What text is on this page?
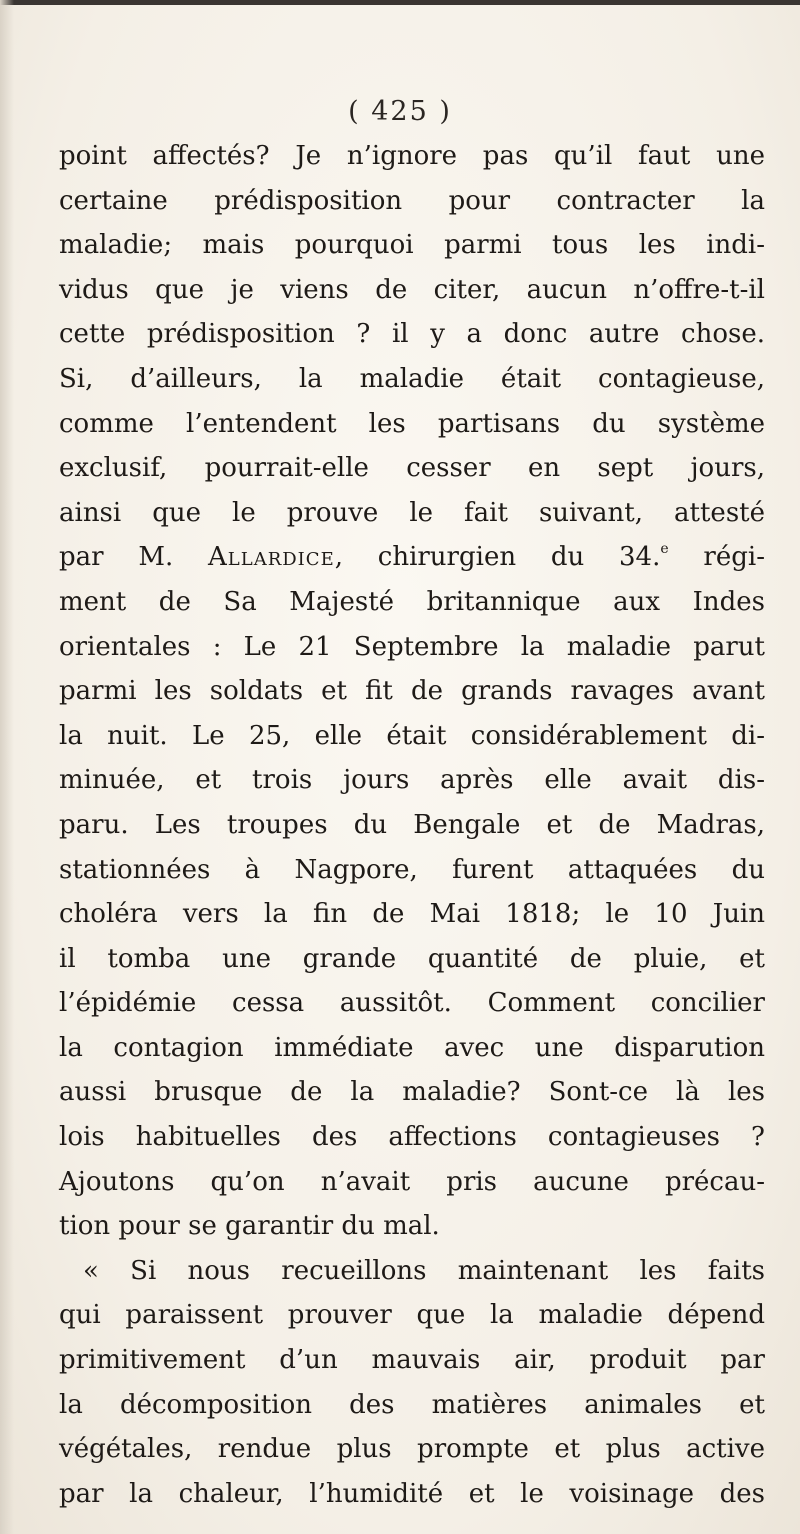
( 425 )
point affectés? Je n’ignore pas qu’il faut une
certaine prédisposition pour contracter la
maladie; mais pourquoi parmi tous les indi-
vidus que je viens de citer, aucun n’offre-t-il
cette prédisposition ? il y a donc autre chose.
Si, d’ailleurs, la maladie était contagieuse,
comme l’entendent les partisans du système
exclusif, pourrait-elle cesser en sept jours,
ainsi que le prouve le fait suivant, attesté
par M. Allardice, chirurgien du 34.$^e$ régi-
ment de Sa Majesté britannique aux Indes
orientales : Le 21 Septembre la maladie parut
parmi les soldats et fit de grands ravages avant
la nuit. Le 25, elle était considérablement di-
minuée, et trois jours après elle avait dis-
paru. Les troupes du Bengale et de Madras,
stationnées à Nagpore, furent attaquées du
choléra vers la fin de Mai 1818; le 10 Juin
il tomba une grande quantité de pluie, et
l’épidémie cessa aussitôt. Comment concilier
la contagion immédiate avec une disparution
aussi brusque de la maladie? Sont-ce là les
lois habituelles des affections contagieuses ?
Ajoutons qu’on n’avait pris aucune précau-
tion pour se garantir du mal.
« Si nous recueillons maintenant les faits
qui paraissent prouver que la maladie dépend
primitivement d’un mauvais air, produit par
la décomposition des matières animales et
végétales, rendue plus prompte et plus active
par la chaleur, l’humidité et le voisinage des
